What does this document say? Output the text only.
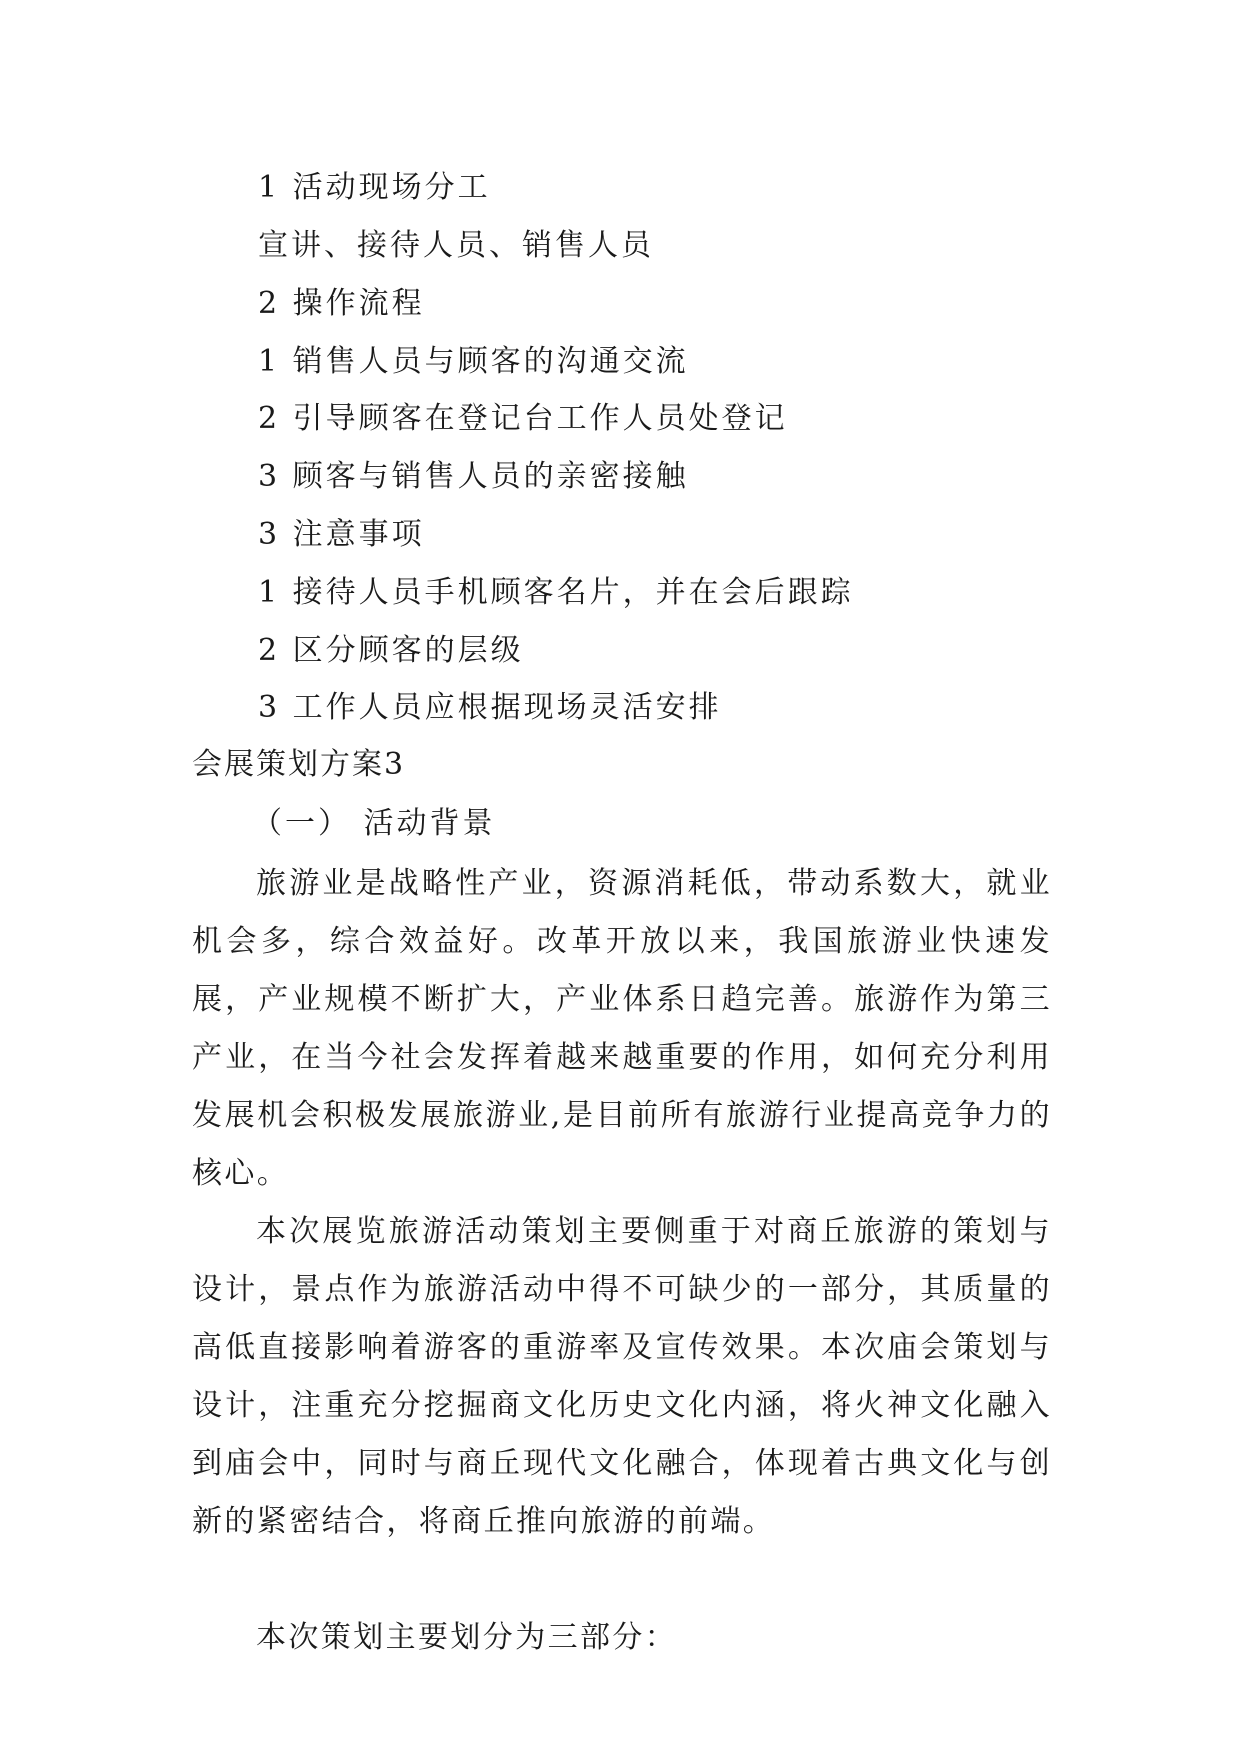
1 活动现场分工
宣讲、接待人员、销售人员
2 操作流程
1 销售人员与顾客的沟通交流
2 引导顾客在登记台工作人员处登记
3 顾客与销售人员的亲密接触
3 注意事项
1 接待人员手机顾客名片，并在会后跟踪
2 区分顾客的层级
3 工作人员应根据现场灵活安排
会展策划方案3
（一） 活动背景

旅游业是战略性产业，资源消耗低，带动系数大，就业机会多，综合效益好。改革开放以来，我国旅游业快速发展，产业规模不断扩大，产业体系日趋完善。旅游作为第三产业，在当今社会发挥着越来越重要的作用，如何充分利用发展机会积极发展旅游业,是目前所有旅游行业提高竞争力的核心。

本次展览旅游活动策划主要侧重于对商丘旅游的策划与设计，景点作为旅游活动中得不可缺少的一部分，其质量的高低直接影响着游客的重游率及宣传效果。本次庙会策划与设计，注重充分挖掘商文化历史文化内涵，将火神文化融入到庙会中，同时与商丘现代文化融合，体现着古典文化与创新的紧密结合，将商丘推向旅游的前端。

本次策划主要划分为三部分：
